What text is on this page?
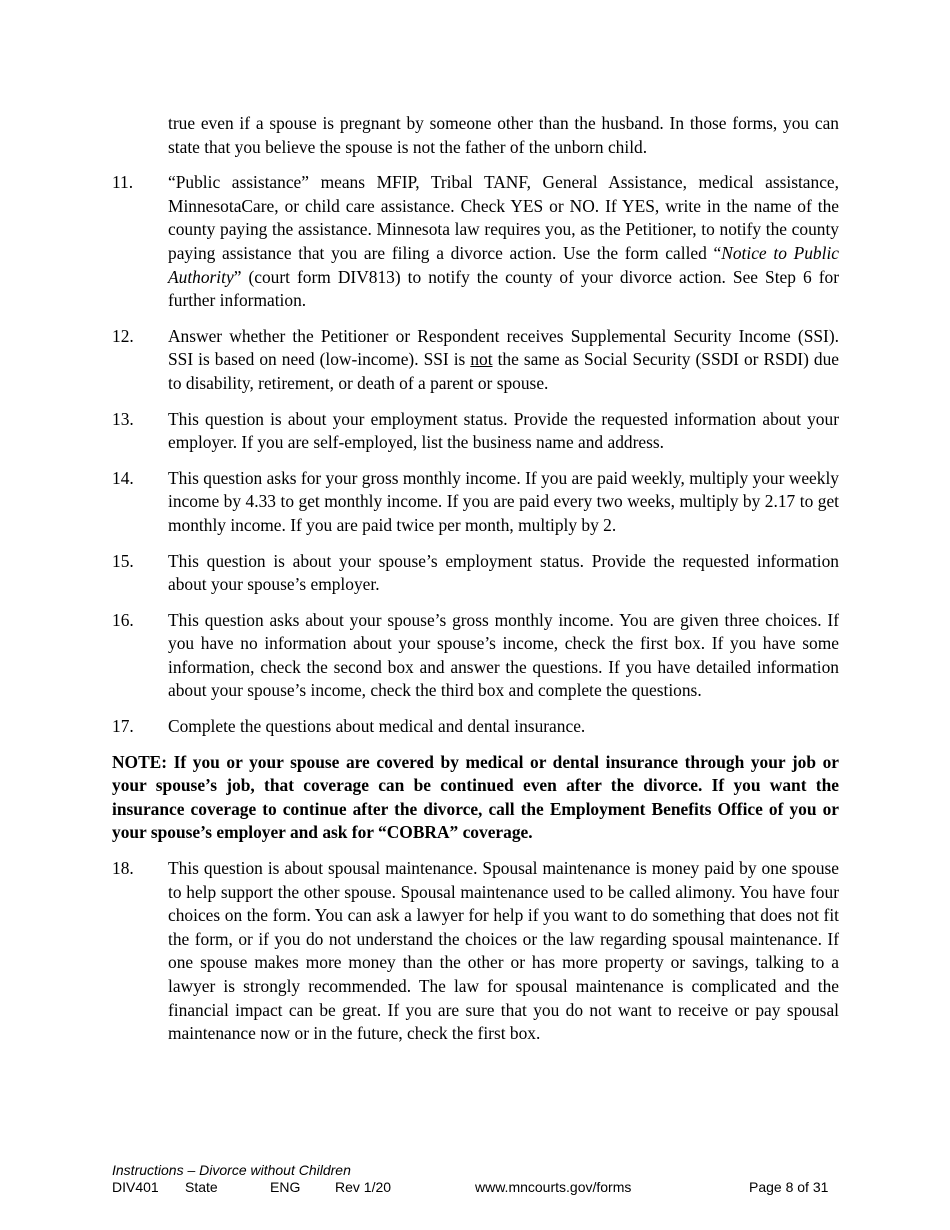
true even if a spouse is pregnant by someone other than the husband. In those forms, you can state that you believe the spouse is not the father of the unborn child.
11.	“Public assistance” means MFIP, Tribal TANF, General Assistance, medical assistance, MinnesotaCare, or child care assistance. Check YES or NO. If YES, write in the name of the county paying the assistance. Minnesota law requires you, as the Petitioner, to notify the county paying assistance that you are filing a divorce action. Use the form called “Notice to Public Authority” (court form DIV813) to notify the county of your divorce action. See Step 6 for further information.
12.	Answer whether the Petitioner or Respondent receives Supplemental Security Income (SSI). SSI is based on need (low-income). SSI is not the same as Social Security (SSDI or RSDI) due to disability, retirement, or death of a parent or spouse.
13.	This question is about your employment status. Provide the requested information about your employer. If you are self-employed, list the business name and address.
14.	This question asks for your gross monthly income. If you are paid weekly, multiply your weekly income by 4.33 to get monthly income. If you are paid every two weeks, multiply by 2.17 to get monthly income. If you are paid twice per month, multiply by 2.
15.	This question is about your spouse’s employment status. Provide the requested information about your spouse’s employer.
16.	This question asks about your spouse’s gross monthly income. You are given three choices. If you have no information about your spouse’s income, check the first box. If you have some information, check the second box and answer the questions. If you have detailed information about your spouse’s income, check the third box and complete the questions.
17.	Complete the questions about medical and dental insurance.
NOTE: If you or your spouse are covered by medical or dental insurance through your job or your spouse’s job, that coverage can be continued even after the divorce. If you want the insurance coverage to continue after the divorce, call the Employment Benefits Office of you or your spouse’s employer and ask for “COBRA” coverage.
18.	This question is about spousal maintenance. Spousal maintenance is money paid by one spouse to help support the other spouse. Spousal maintenance used to be called alimony. You have four choices on the form. You can ask a lawyer for help if you want to do something that does not fit the form, or if you do not understand the choices or the law regarding spousal maintenance. If one spouse makes more money than the other or has more property or savings, talking to a lawyer is strongly recommended. The law for spousal maintenance is complicated and the financial impact can be great. If you are sure that you do not want to receive or pay spousal maintenance now or in the future, check the first box.
Instructions – Divorce without Children
DIV401 State	ENG Rev 1/20	www.mncourts.gov/forms	Page 8 of 31
